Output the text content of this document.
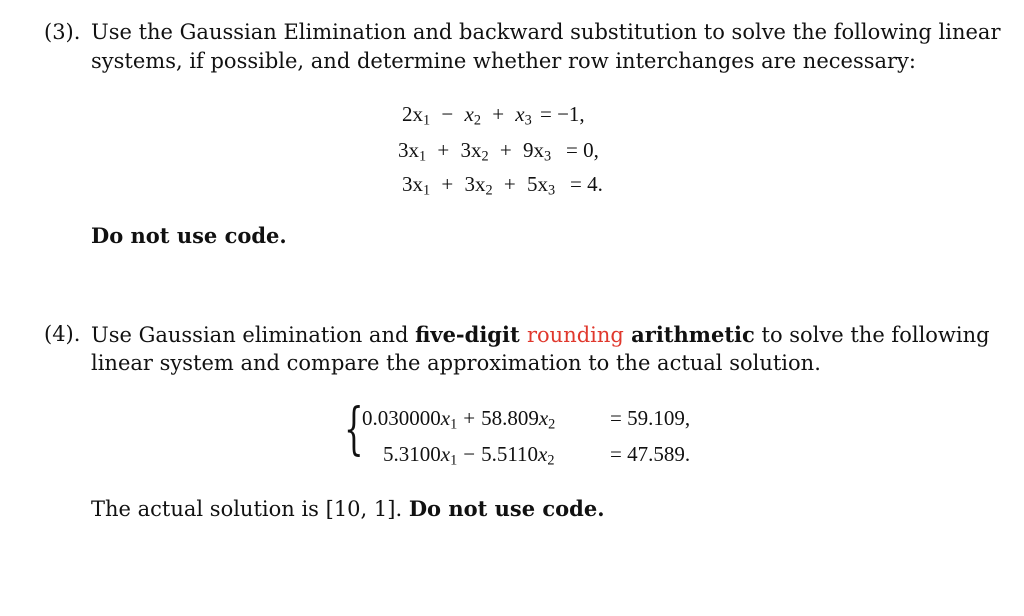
(3). Use the Gaussian Elimination and backward substitution to solve the following linear
systems, if possible, and determine whether row interchanges are necessary:
$2x_1 - x_2 + x_3 = -1$,
$3x_1 + 3x_2 + 9x_3 = 0$,
$3x_1 + 3x_2 + 5x_3 = 4$.
Do not use code.
(4). Use Gaussian elimination and five-digit rounding arithmetic to solve the following
linear system and compare the approximation to the actual solution.
{
$0.030000x_1 + 58.809x_2$	= 59.109,
$5.3100x_1 - 5.5110x_2$	= 47.589.
The actual solution is [10, 1]. Do not use code.
